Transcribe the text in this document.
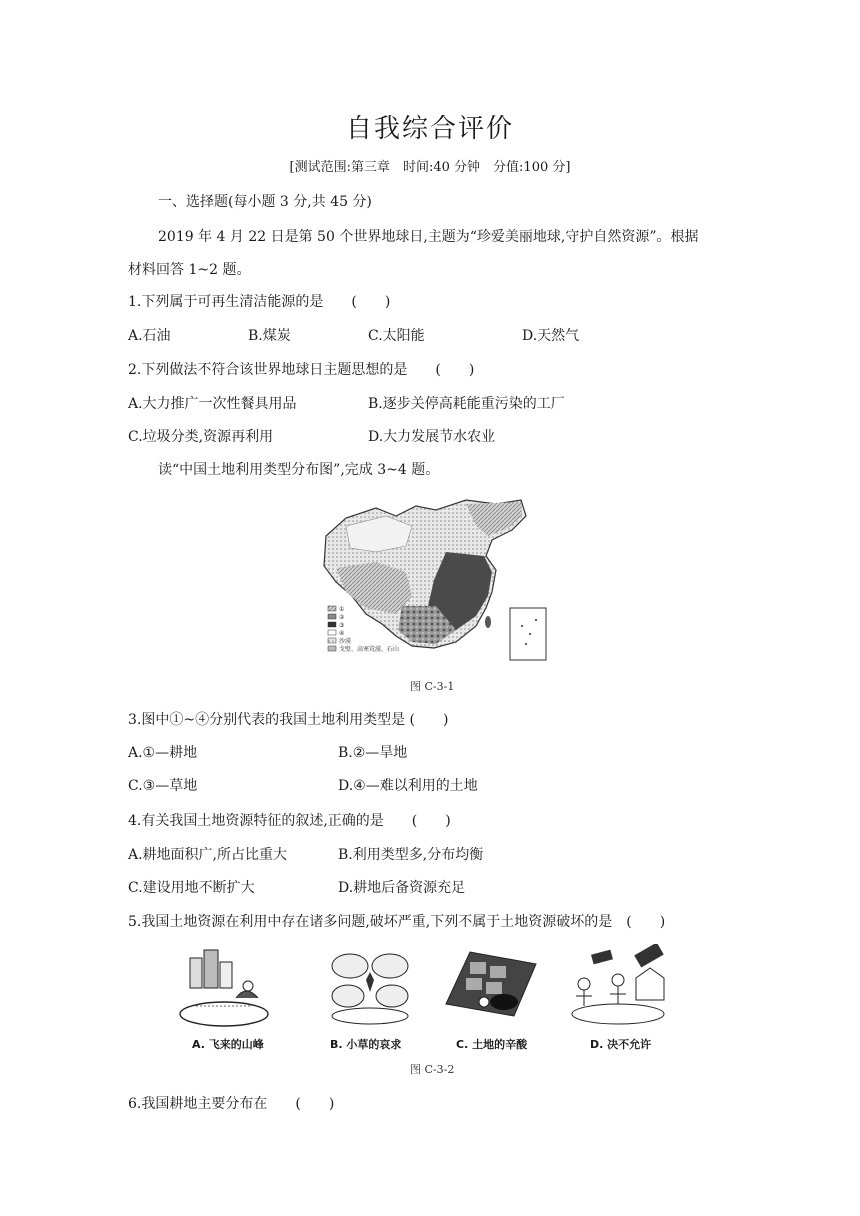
自我综合评价
[测试范围:第三章　时间:40 分钟　分值:100 分]
一、选择题(每小题 3 分,共 45 分)
2019 年 4 月 22 日是第 50 个世界地球日,主题为“珍爱美丽地球,守护自然资源”。根据
材料回答 1~2 题。
1.下列属于可再生清洁能源的是　　(　　)
A.石油	B.煤炭	C.太阳能	D.天然气
2.下列做法不符合该世界地球日主题思想的是　　(　　)
A.大力推广一次性餐具用品	B.逐步关停高耗能重污染的工厂
C.垃圾分类,资源再利用	D.大力发展节水农业
读“中国土地利用类型分布图”,完成 3~4 题。
①
②
③
④
沙漠
戈壁、高寒荒漠、石山
图 C-3-1
3.图中①~④分别代表的我国土地利用类型是 (　　)
A.①—耕地	B.②—旱地
C.③—草地	D.④—难以利用的土地
4.有关我国土地资源特征的叙述,正确的是　　(　　)
A.耕地面积广,所占比重大	B.利用类型多,分布均衡
C.建设用地不断扩大	D.耕地后备资源充足
5.我国土地资源在利用中存在诸多问题,破坏严重,下列不属于土地资源破坏的是　(　　)
A. 飞来的山峰	B. 小草的哀求	C. 土地的辛酸	D. 决不允许
图 C-3-2
6.我国耕地主要分布在　　(　　)
